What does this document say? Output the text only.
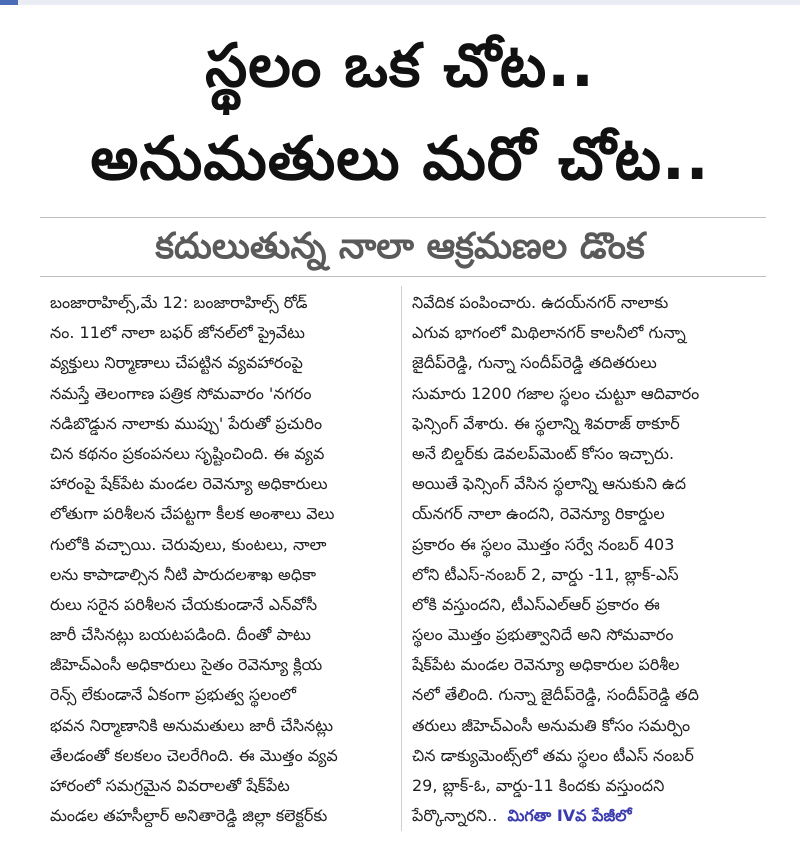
స్థలం ఒక చోట..
అనుమతులు మరో చోట..
కదులుతున్న నాలా ఆక్రమణల డొంక
బంజారాహిల్స్,మే 12: బంజారాహిల్స్ రోడ్
నం. 11లో నాలా బఫర్ జోనల్‌లో ప్రైవేటు
వ్యక్తులు నిర్మాణాలు చేపట్టిన వ్యవహారంపై
నమస్తే తెలంగాణ పత్రిక సోమవారం 'నగరం
నడిబొడ్డున నాలాకు ముప్పు' పేరుతో ప్రచురిం
చిన కథనం ప్రకంపనలు సృష్టించింది. ఈ వ్యవ
హారంపై షేక్‌పేట మండల రెవెన్యూ అధికారులు
లోతుగా పరిశీలన చేపట్టగా కీలక అంశాలు వెలు
గులోకి వచ్చాయి. చెరువులు, కుంటలు, నాలా
లను కాపాడాల్సిన నీటి పారుదలశాఖ అధికా
రులు సరైన పరిశీలన చేయకుండానే ఎన్‌వోసీ
జారీ చేసినట్లు బయటపడింది. దీంతో పాటు
జీహెచ్‌ఎంసీ అధికారులు సైతం రెవెన్యూ క్లియ
రెన్స్ లేకుండానే ఏకంగా ప్రభుత్వ స్థలంలో
భవన నిర్మాణానికి అనుమతులు జారీ చేసినట్లు
తేలడంతో కలకలం చెలరేగింది. ఈ మొత్తం వ్యవ
హారంలో సమగ్రమైన వివరాలతో షేక్‌పేట
మండల తహసీల్దార్ అనితారెడ్డి జిల్లా కలెక్టర్‌కు
నివేదిక పంపించారు. ఉదయ్‌నగర్ నాలాకు
ఎగువ భాగంలో మిథిలానగర్ కాలనీలో గున్నా
జైదీప్‌రెడ్డి, గున్నా సందీప్‌రెడ్డి తదితరులు
సుమారు 1200 గజాల స్థలం చుట్టూ ఆదివారం
ఫెన్సింగ్ వేశారు. ఈ స్థలాన్ని శివరాజ్ ఠాకూర్
అనే బిల్డర్‌కు డెవలప్‌మెంట్ కోసం ఇచ్చారు.
అయితే ఫెన్సింగ్ వేసిన స్థలాన్ని ఆనుకుని ఉద
య్‌నగర్ నాలా ఉందని, రెవెన్యూ రికార్డుల
ప్రకారం ఈ స్థలం మొత్తం సర్వే నంబర్ 403
లోని టీఎస్-నంబర్ 2, వార్డు -11, బ్లాక్-ఎస్
లోకి వస్తుందని, టీఎస్‌ఎల్‌ఆర్ ప్రకారం ఈ
స్థలం మొత్తం ప్రభుత్వానిదే అని సోమవారం
షేక్‌పేట మండల రెవెన్యూ అధికారుల పరిశీల
నలో తేలింది. గున్నా జైదీప్‌రెడ్డి, సందీప్‌రెడ్డి తది
తరులు జీహెచ్‌ఎంసీ అనుమతి కోసం సమర్పిం
చిన డాక్యుమెంట్స్‌లో తమ స్థలం టీఎస్ నంబర్
29, బ్లాక్-ఓ, వార్డు-11 కిందకు వస్తుందని
పేర్కొన్నారని.. మిగతా IVవ పేజీలో
